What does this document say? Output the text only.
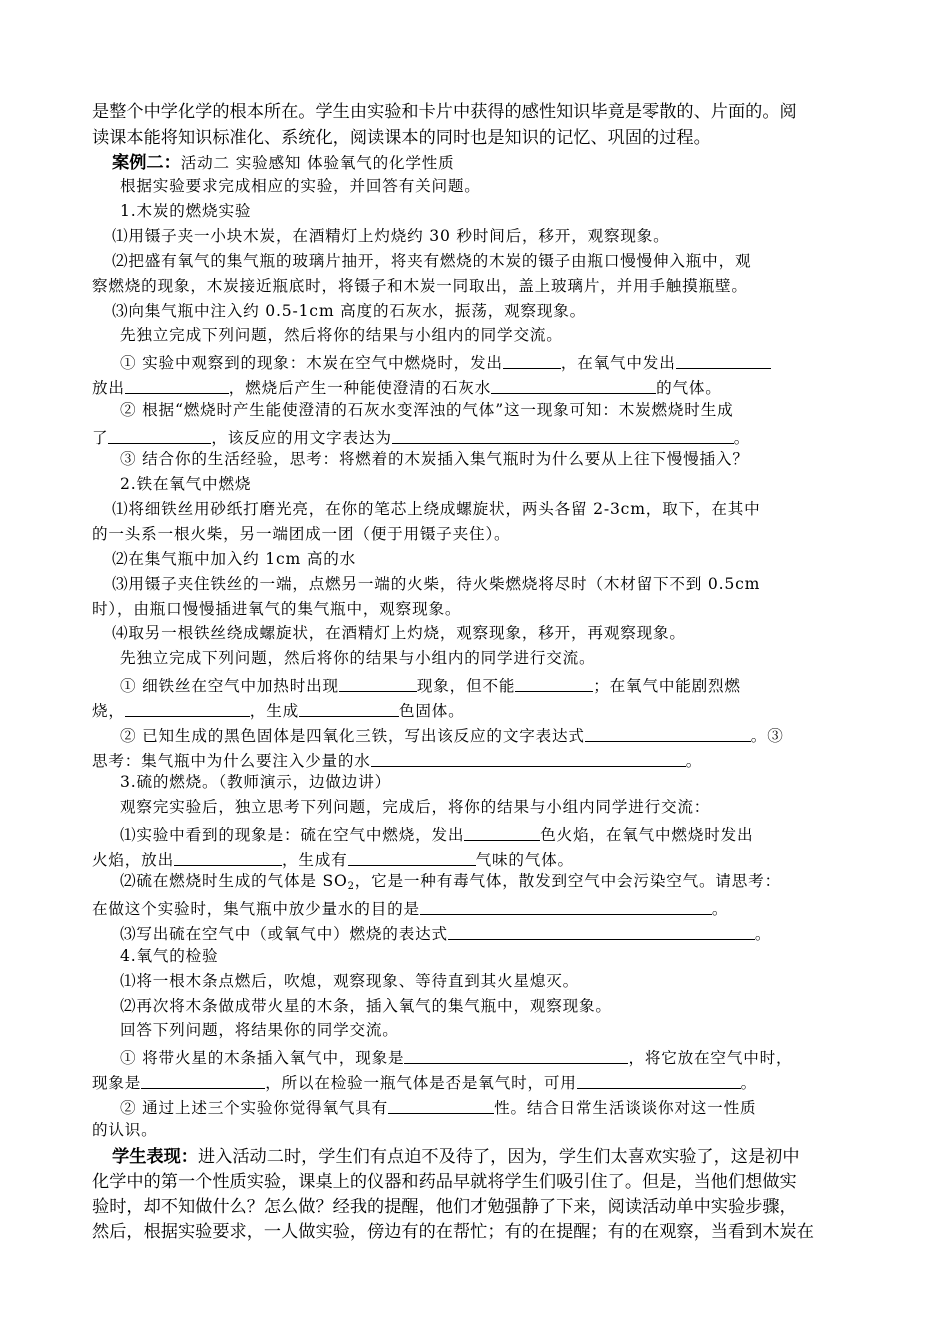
是整个中学化学的根本所在。学生由实验和卡片中获得的感性知识毕竟是零散的、片面的。阅
读课本能将知识标准化、系统化，阅读课本的同时也是知识的记忆、巩固的过程。
案例二：活动二 实验感知 体验氧气的化学性质
根据实验要求完成相应的实验，并回答有关问题。
1.木炭的燃烧实验
⑴用镊子夹一小块木炭，在酒精灯上灼烧约 30 秒时间后，移开，观察现象。
⑵把盛有氧气的集气瓶的玻璃片抽开，将夹有燃烧的木炭的镊子由瓶口慢慢伸入瓶中，观
察燃烧的现象，木炭接近瓶底时，将镊子和木炭一同取出，盖上玻璃片，并用手触摸瓶壁。
⑶向集气瓶中注入约 0.5-1cm 高度的石灰水，振荡，观察现象。
先独立完成下列问题，然后将你的结果与小组内的同学交流。
① 实验中观察到的现象：木炭在空气中燃烧时，发出	，在氧气中发出
放出	，燃烧后产生一种能使澄清的石灰水	的气体。
② 根据“燃烧时产生能使澄清的石灰水变浑浊的气体”这一现象可知：木炭燃烧时生成
了	，该反应的用文字表达为	。
③ 结合你的生活经验，思考：将燃着的木炭插入集气瓶时为什么要从上往下慢慢插入？
2.铁在氧气中燃烧
⑴将细铁丝用砂纸打磨光亮，在你的笔芯上绕成螺旋状，两头各留 2-3cm，取下，在其中
的一头系一根火柴，另一端团成一团（便于用镊子夹住）。
⑵在集气瓶中加入约 1cm 高的水
⑶用镊子夹住铁丝的一端，点燃另一端的火柴，待火柴燃烧将尽时（木材留下不到 0.5cm
时），由瓶口慢慢插进氧气的集气瓶中，观察现象。
⑷取另一根铁丝绕成螺旋状，在酒精灯上灼烧，观察现象，移开，再观察现象。
先独立完成下列问题，然后将你的结果与小组内的同学进行交流。
① 细铁丝在空气中加热时出现	现象，但不能	；在氧气中能剧烈燃
烧，	，生成	色固体。
② 已知生成的黑色固体是四氧化三铁，写出该反应的文字表达式	。③
思考：集气瓶中为什么要注入少量的水	。
3.硫的燃烧。（教师演示，边做边讲）
观察完实验后，独立思考下列问题，完成后，将你的结果与小组内同学进行交流：
⑴实验中看到的现象是：硫在空气中燃烧，发出	色火焰，在氧气中燃烧时发出
火焰，放出	，生成有	气味的气体。
⑵硫在燃烧时生成的气体是 $SO_2$，它是一种有毒气体，散发到空气中会污染空气。请思考：
在做这个实验时，集气瓶中放少量水的目的是	。
⑶写出硫在空气中（或氧气中）燃烧的表达式	。
4.氧气的检验
⑴将一根木条点燃后，吹熄，观察现象、等待直到其火星熄灭。
⑵再次将木条做成带火星的木条，插入氧气的集气瓶中，观察现象。
回答下列问题，将结果你的同学交流。
① 将带火星的木条插入氧气中，现象是	，将它放在空气中时，
现象是	，所以在检验一瓶气体是否是氧气时，可用	。
② 通过上述三个实验你觉得氧气具有	性。结合日常生活谈谈你对这一性质
的认识。
学生表现：进入活动二时，学生们有点迫不及待了，因为，学生们太喜欢实验了，这是初中
化学中的第一个性质实验，课桌上的仪器和药品早就将学生们吸引住了。但是，当他们想做实
验时，却不知做什么？怎么做？经我的提醒，他们才勉强静了下来，阅读活动单中实验步骤，
然后，根据实验要求，一人做实验，傍边有的在帮忙；有的在提醒；有的在观察，当看到木炭在
